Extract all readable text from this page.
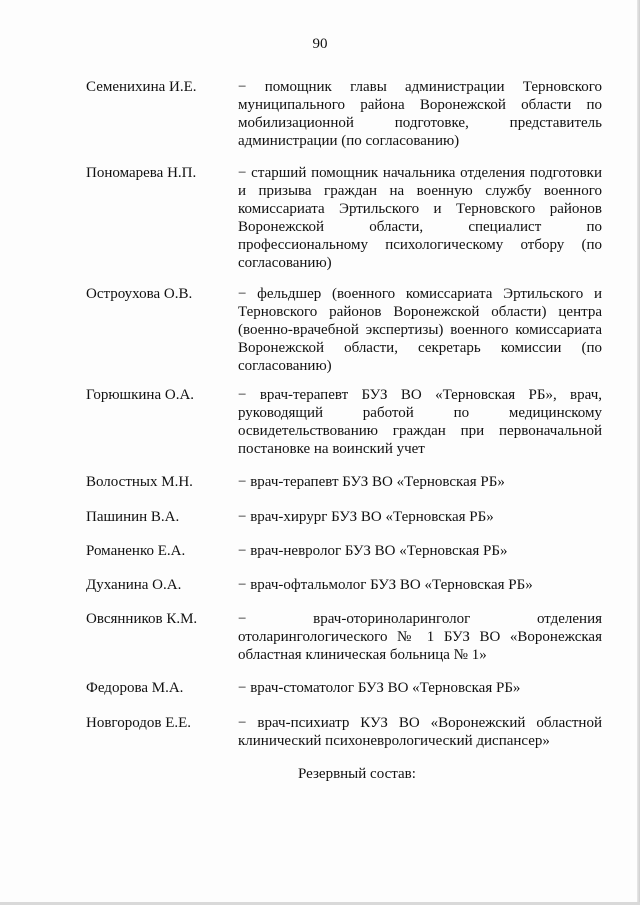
90
Семенихина И.Е.	− помощник главы администрации Терновского муниципального района Воронежской области по мобилизационной подготовке, представитель администрации (по согласованию)
Пономарева Н.П.	− старший помощник начальника отделения подготовки и призыва граждан на военную службу военного комиссариата Эртильского и Терновского районов Воронежской области, специалист по профессиональному психологическому отбору (по согласованию)
Остроухова О.В.	− фельдшер (военного комиссариата Эртильского и Терновского районов Воронежской области) центра (военно-врачебной экспертизы) военного комиссариата Воронежской области, секретарь комиссии (по согласованию)
Горюшкина О.А.	− врач-терапевт БУЗ ВО «Терновская РБ», врач, руководящий работой по медицинскому освидетельствованию граждан при первоначальной постановке на воинский учет
Волостных М.Н.	− врач-терапевт БУЗ ВО «Терновская РБ»
Пашинин В.А.	− врач-хирург БУЗ ВО «Терновская РБ»
Романенко Е.А.	− врач-невролог БУЗ ВО «Терновская РБ»
Духанина О.А.	− врач-офтальмолог БУЗ ВО «Терновская РБ»
Овсянников К.М.	− врач-оториноларинголог отделения отоларингологического № 1 БУЗ ВО «Воронежская областная клиническая больница № 1»
Федорова М.А.	− врач-стоматолог БУЗ ВО «Терновская РБ»
Новгородов Е.Е.	− врач-психиатр КУЗ ВО «Воронежский областной клинический психоневрологический диспансер»
Резервный состав:
